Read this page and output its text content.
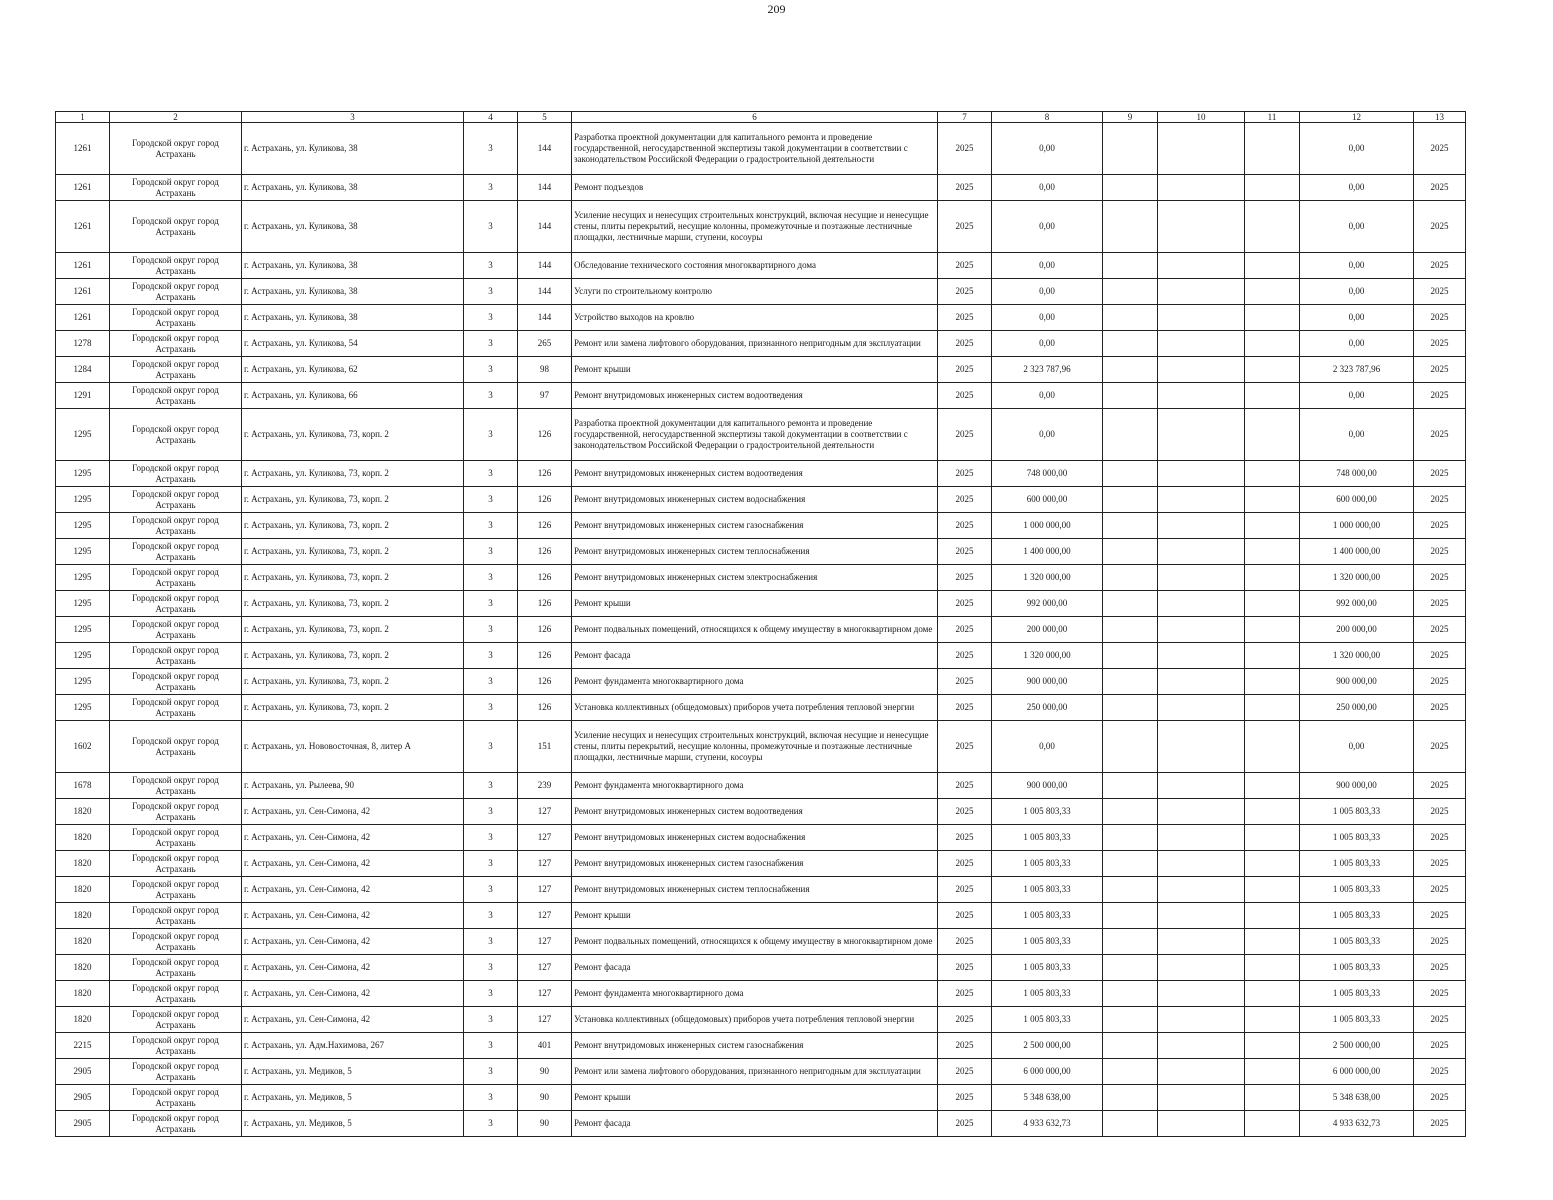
209
1	2	3	4	5	6	7	8	9	10	11	12	13
1261	Городской округ город Астрахань	г. Астрахань, ул. Куликова, 38	3	144	Разработка проектной документации для капитального ремонта и проведение государственной, негосударственной экспертизы такой документации в соответствии с законодательством Российской Федерации о градостроительной деятельности	2025	0,00				0,00	2025
1261	Городской округ город Астрахань	г. Астрахань, ул. Куликова, 38	3	144	Ремонт подъездов	2025	0,00				0,00	2025
1261	Городской округ город Астрахань	г. Астрахань, ул. Куликова, 38	3	144	Усиление несущих и ненесущих строительных конструкций, включая несущие и ненесущие стены, плиты перекрытий, несущие колонны, промежуточные и поэтажные лестничные площадки, лестничные марши, ступени, косоуры	2025	0,00				0,00	2025
1261	Городской округ город Астрахань	г. Астрахань, ул. Куликова, 38	3	144	Обследование технического состояния многоквартирного дома	2025	0,00				0,00	2025
1261	Городской округ город Астрахань	г. Астрахань, ул. Куликова, 38	3	144	Услуги по строительному контролю	2025	0,00				0,00	2025
1261	Городской округ город Астрахань	г. Астрахань, ул. Куликова, 38	3	144	Устройство выходов на кровлю	2025	0,00				0,00	2025
1278	Городской округ город Астрахань	г. Астрахань, ул. Куликова, 54	3	265	Ремонт или замена лифтового оборудования, признанного непригодным для эксплуатации	2025	0,00				0,00	2025
1284	Городской округ город Астрахань	г. Астрахань, ул. Куликова, 62	3	98	Ремонт крыши	2025	2 323 787,96				2 323 787,96	2025
1291	Городской округ город Астрахань	г. Астрахань, ул. Куликова, 66	3	97	Ремонт внутридомовых инженерных систем водоотведения	2025	0,00				0,00	2025
1295	Городской округ город Астрахань	г. Астрахань, ул. Куликова, 73, корп. 2	3	126	Разработка проектной документации для капитального ремонта и проведение государственной, негосударственной экспертизы такой документации в соответствии с законодательством Российской Федерации о градостроительной деятельности	2025	0,00				0,00	2025
1295	Городской округ город Астрахань	г. Астрахань, ул. Куликова, 73, корп. 2	3	126	Ремонт внутридомовых инженерных систем водоотведения	2025	748 000,00				748 000,00	2025
1295	Городской округ город Астрахань	г. Астрахань, ул. Куликова, 73, корп. 2	3	126	Ремонт внутридомовых инженерных систем водоснабжения	2025	600 000,00				600 000,00	2025
1295	Городской округ город Астрахань	г. Астрахань, ул. Куликова, 73, корп. 2	3	126	Ремонт внутридомовых инженерных систем газоснабжения	2025	1 000 000,00				1 000 000,00	2025
1295	Городской округ город Астрахань	г. Астрахань, ул. Куликова, 73, корп. 2	3	126	Ремонт внутридомовых инженерных систем теплоснабжения	2025	1 400 000,00				1 400 000,00	2025
1295	Городской округ город Астрахань	г. Астрахань, ул. Куликова, 73, корп. 2	3	126	Ремонт внутридомовых инженерных систем электроснабжения	2025	1 320 000,00				1 320 000,00	2025
1295	Городской округ город Астрахань	г. Астрахань, ул. Куликова, 73, корп. 2	3	126	Ремонт крыши	2025	992 000,00				992 000,00	2025
1295	Городской округ город Астрахань	г. Астрахань, ул. Куликова, 73, корп. 2	3	126	Ремонт подвальных помещений, относящихся к общему имуществу в многоквартирном доме	2025	200 000,00				200 000,00	2025
1295	Городской округ город Астрахань	г. Астрахань, ул. Куликова, 73, корп. 2	3	126	Ремонт фасада	2025	1 320 000,00				1 320 000,00	2025
1295	Городской округ город Астрахань	г. Астрахань, ул. Куликова, 73, корп. 2	3	126	Ремонт фундамента многоквартирного дома	2025	900 000,00				900 000,00	2025
1295	Городской округ город Астрахань	г. Астрахань, ул. Куликова, 73, корп. 2	3	126	Установка коллективных (общедомовых) приборов учета потребления тепловой энергии	2025	250 000,00				250 000,00	2025
1602	Городской округ город Астрахань	г. Астрахань, ул. Нововосточная, 8, литер А	3	151	Усиление несущих и ненесущих строительных конструкций, включая несущие и ненесущие стены, плиты перекрытий, несущие колонны, промежуточные и поэтажные лестничные площадки, лестничные марши, ступени, косоуры	2025	0,00				0,00	2025
1678	Городской округ город Астрахань	г. Астрахань, ул. Рылеева, 90	3	239	Ремонт фундамента многоквартирного дома	2025	900 000,00				900 000,00	2025
1820	Городской округ город Астрахань	г. Астрахань, ул. Сен-Симона, 42	3	127	Ремонт внутридомовых инженерных систем водоотведения	2025	1 005 803,33				1 005 803,33	2025
1820	Городской округ город Астрахань	г. Астрахань, ул. Сен-Симона, 42	3	127	Ремонт внутридомовых инженерных систем водоснабжения	2025	1 005 803,33				1 005 803,33	2025
1820	Городской округ город Астрахань	г. Астрахань, ул. Сен-Симона, 42	3	127	Ремонт внутридомовых инженерных систем газоснабжения	2025	1 005 803,33				1 005 803,33	2025
1820	Городской округ город Астрахань	г. Астрахань, ул. Сен-Симона, 42	3	127	Ремонт внутридомовых инженерных систем теплоснабжения	2025	1 005 803,33				1 005 803,33	2025
1820	Городской округ город Астрахань	г. Астрахань, ул. Сен-Симона, 42	3	127	Ремонт крыши	2025	1 005 803,33				1 005 803,33	2025
1820	Городской округ город Астрахань	г. Астрахань, ул. Сен-Симона, 42	3	127	Ремонт подвальных помещений, относящихся к общему имуществу в многоквартирном доме	2025	1 005 803,33				1 005 803,33	2025
1820	Городской округ город Астрахань	г. Астрахань, ул. Сен-Симона, 42	3	127	Ремонт фасада	2025	1 005 803,33				1 005 803,33	2025
1820	Городской округ город Астрахань	г. Астрахань, ул. Сен-Симона, 42	3	127	Ремонт фундамента многоквартирного дома	2025	1 005 803,33				1 005 803,33	2025
1820	Городской округ город Астрахань	г. Астрахань, ул. Сен-Симона, 42	3	127	Установка коллективных (общедомовых) приборов учета потребления тепловой энергии	2025	1 005 803,33				1 005 803,33	2025
2215	Городской округ город Астрахань	г. Астрахань, ул. Адм.Нахимова, 267	3	401	Ремонт внутридомовых инженерных систем газоснабжения	2025	2 500 000,00				2 500 000,00	2025
2905	Городской округ город Астрахань	г. Астрахань, ул. Медиков, 5	3	90	Ремонт или замена лифтового оборудования, признанного непригодным для эксплуатации	2025	6 000 000,00				6 000 000,00	2025
2905	Городской округ город Астрахань	г. Астрахань, ул. Медиков, 5	3	90	Ремонт крыши	2025	5 348 638,00				5 348 638,00	2025
2905	Городской округ город Астрахань	г. Астрахань, ул. Медиков, 5	3	90	Ремонт фасада	2025	4 933 632,73				4 933 632,73	2025
